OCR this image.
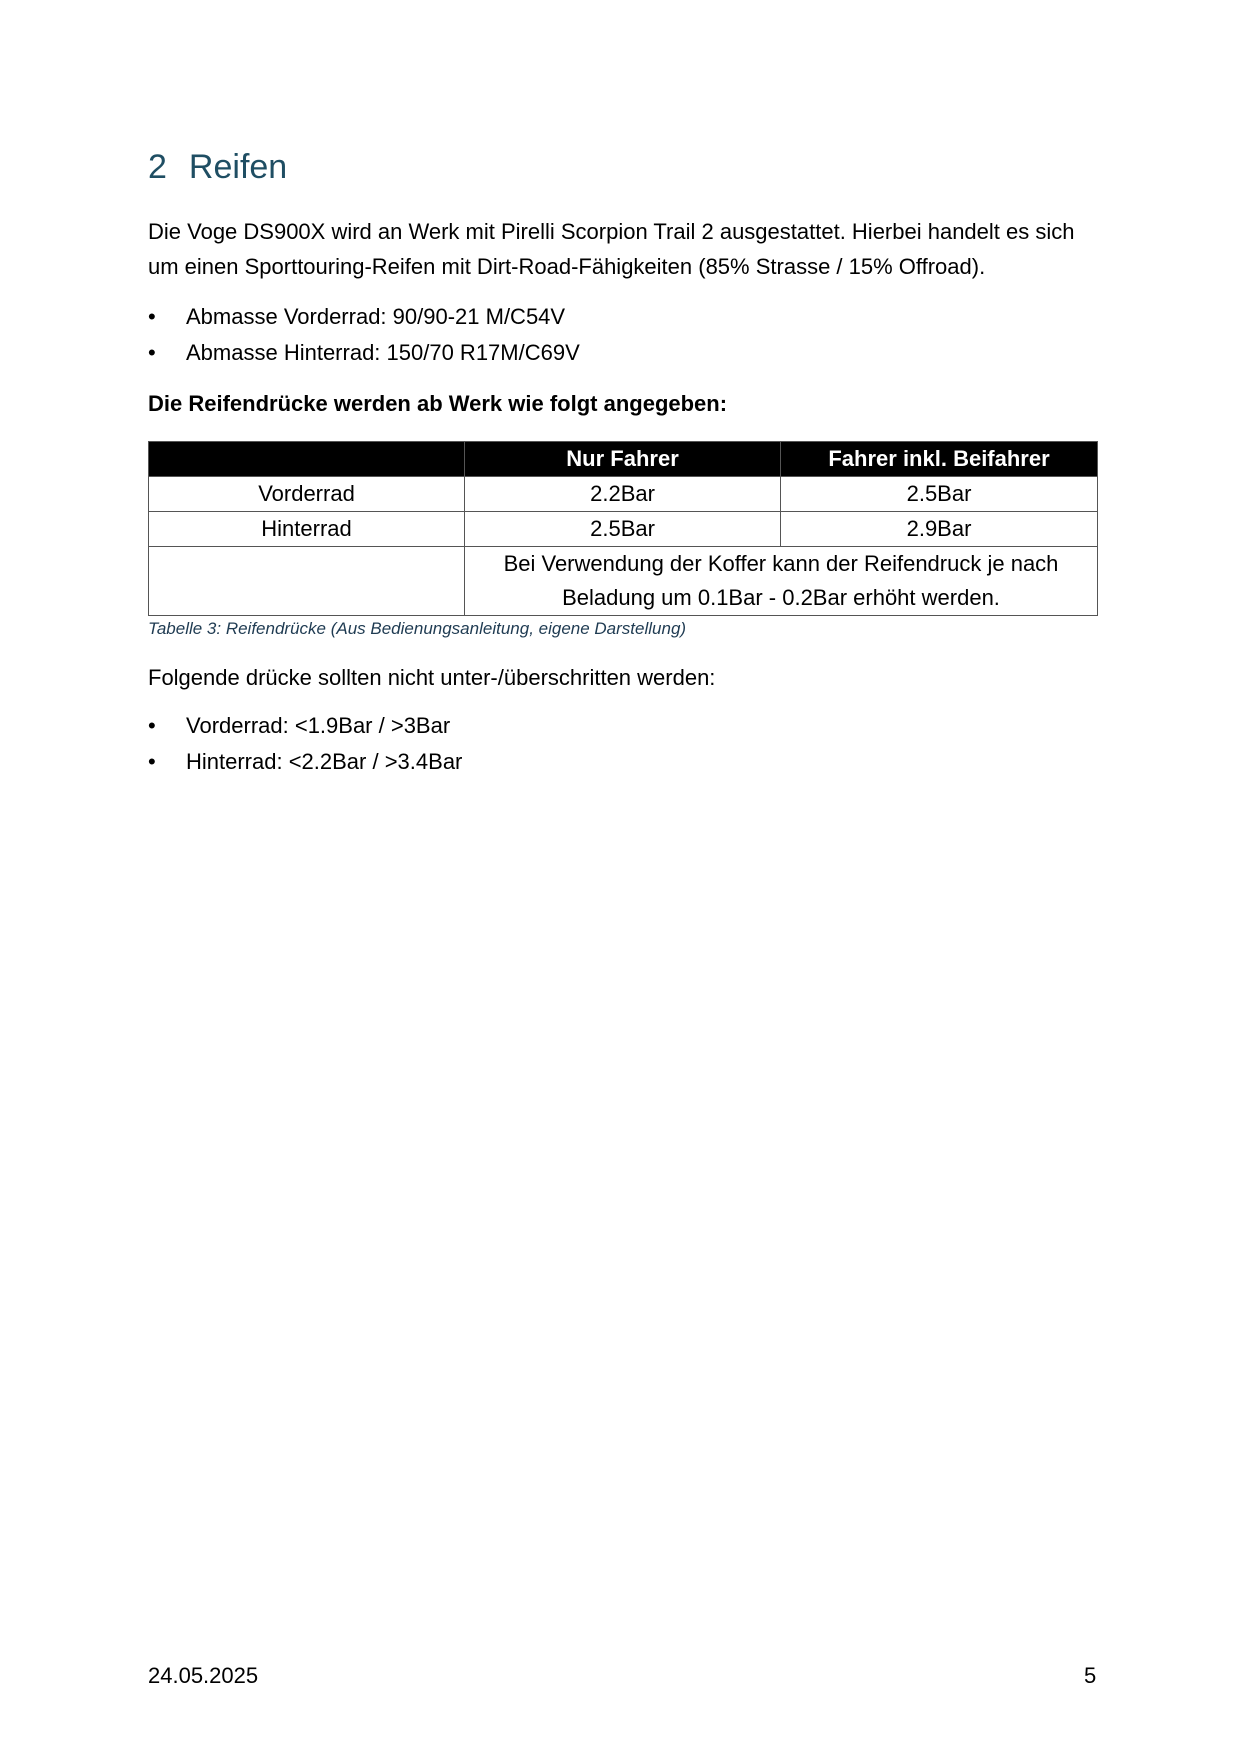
2 Reifen
Die Voge DS900X wird an Werk mit Pirelli Scorpion Trail 2 ausgestattet. Hierbei handelt es sich um einen Sporttouring-Reifen mit Dirt-Road-Fähigkeiten (85% Strasse / 15% Offroad).
• Abmasse Vorderrad: 90/90-21 M/C54V
• Abmasse Hinterrad: 150/70 R17M/C69V
Die Reifendrücke werden ab Werk wie folgt angegeben:
	Nur Fahrer	Fahrer inkl. Beifahrer
Vorderrad	2.2Bar	2.5Bar
Hinterrad	2.5Bar	2.9Bar

	Bei Verwendung der Koffer kann der Reifendruck je nach
Beladung um 0.1Bar - 0.2Bar erhöht werden.	
Tabelle 3: Reifendrücke (Aus Bedienungsanleitung, eigene Darstellung)
Folgende drücke sollten nicht unter-/überschritten werden:
• Vorderrad: <1.9Bar / >3Bar
• Hinterrad: <2.2Bar / >3.4Bar
24.05.2025	5
